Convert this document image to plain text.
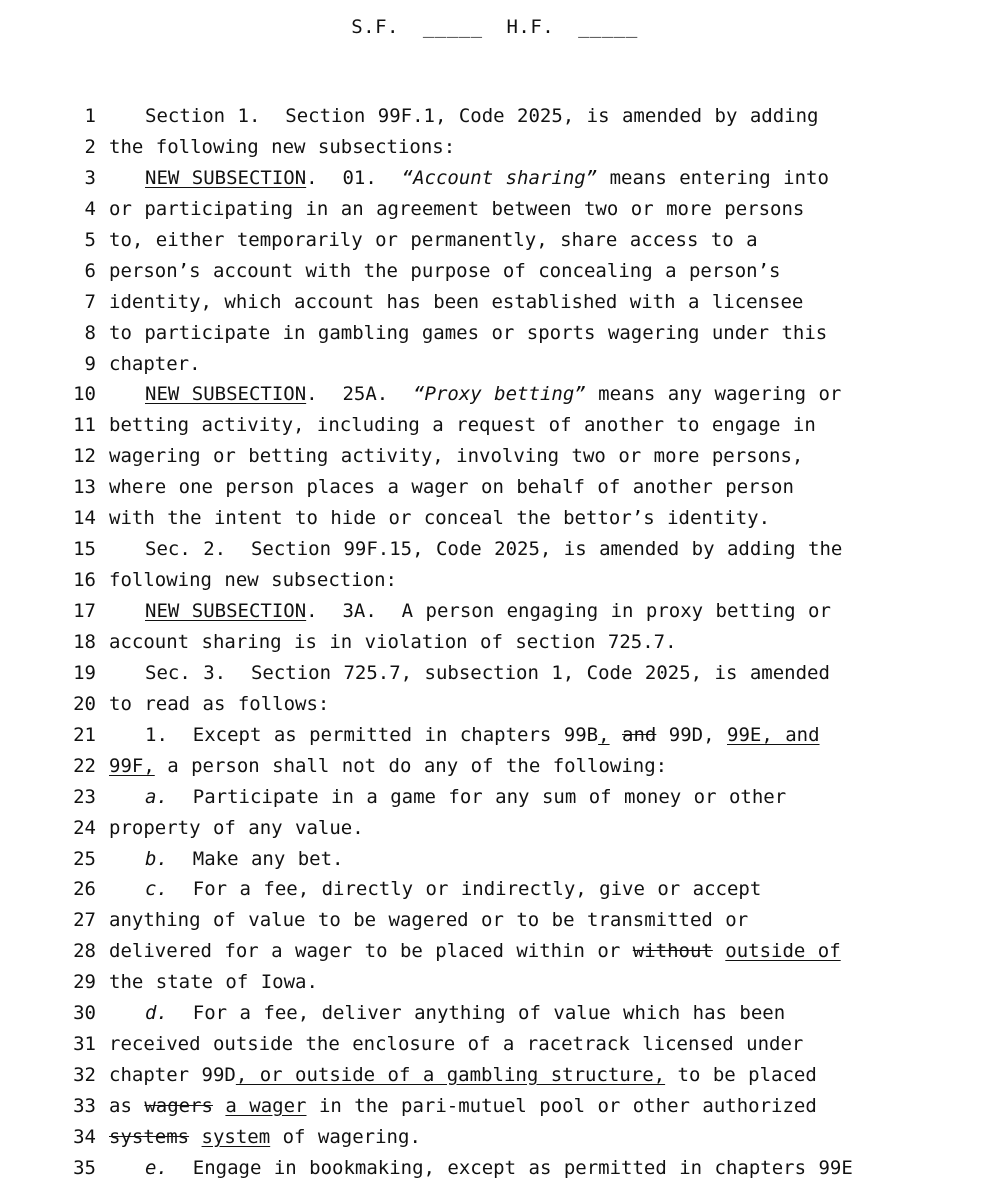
S.F. _____ H.F. _____
1	Section 1.  Section 99F.1, Code 2025, is amended by adding
2 the following new subsections:
3	NEW SUBSECTION.  01.  “Account sharing” means entering into
4 or participating in an agreement between two or more persons
5 to, either temporarily or permanently, share access to a
6 person’s account with the purpose of concealing a person’s
7 identity, which account has been established with a licensee
8 to participate in gambling games or sports wagering under this
9 chapter.
10	NEW SUBSECTION.  25A.  “Proxy betting” means any wagering or
11 betting activity, including a request of another to engage in
12 wagering or betting activity, involving two or more persons,
13 where one person places a wager on behalf of another person
14 with the intent to hide or conceal the bettor’s identity.
15	Sec. 2.  Section 99F.15, Code 2025, is amended by adding the
16 following new subsection:
17	NEW SUBSECTION.  3A.  A person engaging in proxy betting or
18 account sharing is in violation of section 725.7.
19	Sec. 3.  Section 725.7, subsection 1, Code 2025, is amended
20 to read as follows:
21	1.  Except as permitted in chapters 99B, and 99D, 99E, and
22 99F, a person shall not do any of the following:
23	a.  Participate in a game for any sum of money or other
24 property of any value.
25	b.  Make any bet.
26	c.  For a fee, directly or indirectly, give or accept
27 anything of value to be wagered or to be transmitted or
28 delivered for a wager to be placed within or without outside of
29 the state of Iowa.
30	d.  For a fee, deliver anything of value which has been
31 received outside the enclosure of a racetrack licensed under
32 chapter 99D, or outside of a gambling structure, to be placed
33 as wagers a wager in the pari-mutuel pool or other authorized
34 systems system of wagering.
35	e.  Engage in bookmaking, except as permitted in chapters 99E
